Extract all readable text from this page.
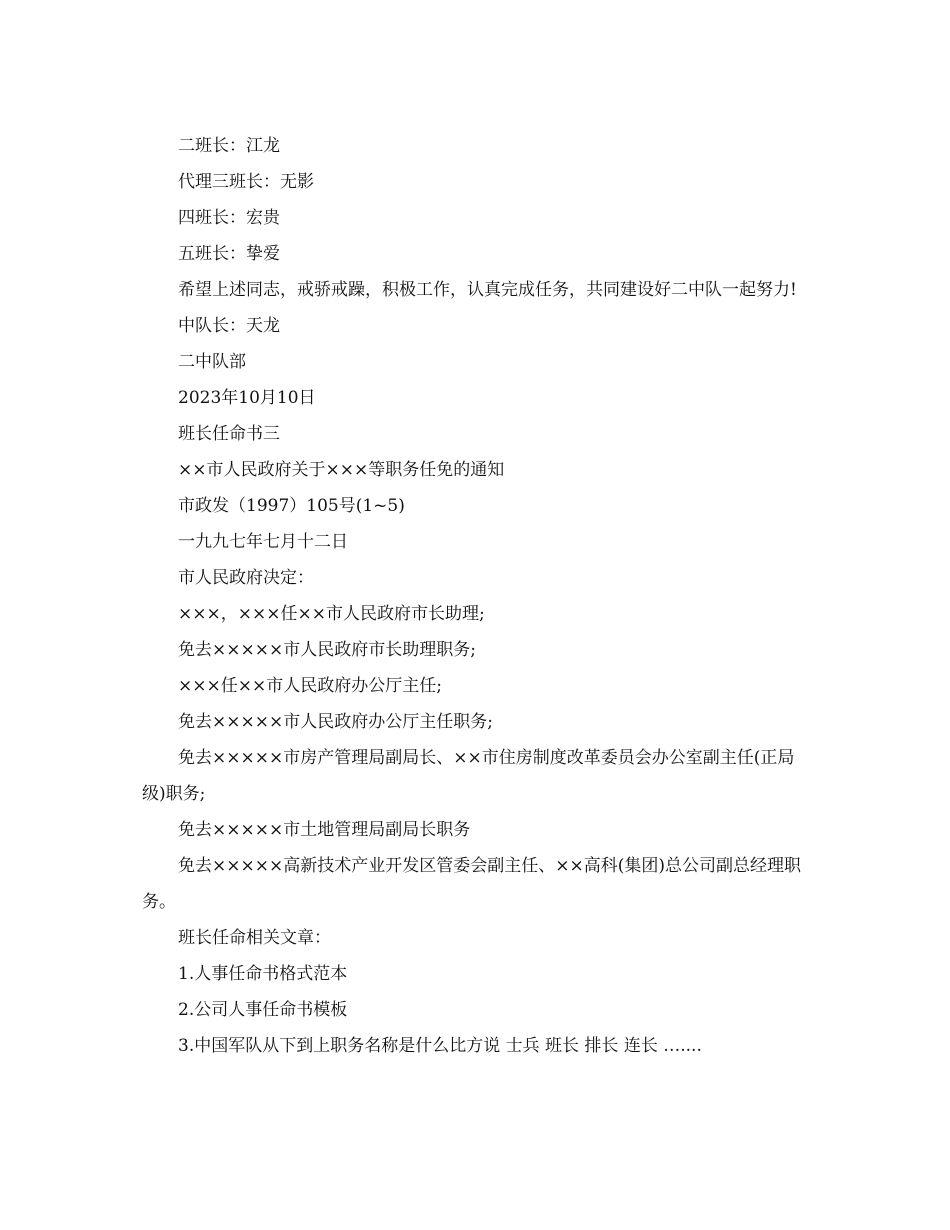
二班长：江龙

代理三班长：无影

四班长：宏贵

五班长：挚爱

希望上述同志，戒骄戒躁，积极工作，认真完成任务，共同建设好二中队一起努力!

中队长：天龙

二中队部

2023年10月10日

班长任命书三

××市人民政府关于×××等职务任免的通知

市政发（1997）105号(1~5)

一九九七年七月十二日

市人民政府决定：

×××，×××任××市人民政府市长助理;

免去×××××市人民政府市长助理职务;

×××任××市人民政府办公厅主任;

免去×××××市人民政府办公厅主任职务;

免去×××××市房产管理局副局长、××市住房制度改革委员会办公室副主任(正局级)职务;

免去×××××市土地管理局副局长职务

免去×××××高新技术产业开发区管委会副主任、××高科(集团)总公司副总经理职务。

班长任命相关文章：

1.人事任命书格式范本

2.公司人事任命书模板

3.中国军队从下到上职务名称是什么比方说 士兵 班长 排长 连长 …....
